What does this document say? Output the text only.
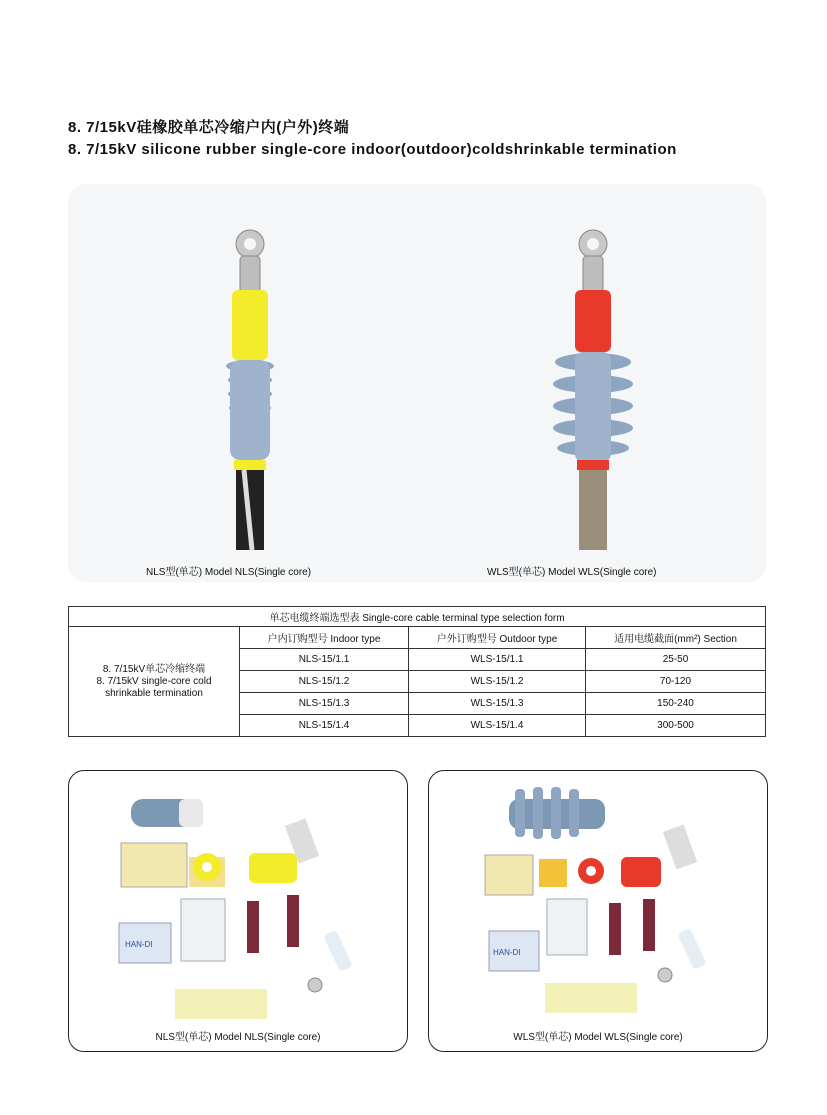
8. 7/15kV硅橡胶单芯冷缩户内(户外)终端
8. 7/15kV silicone rubber single-core indoor(outdoor)coldshrinkable termination
NLS型(单芯) Model NLS(Single core)	WLS型(单芯) Model WLS(Single core)
单芯电缆终端选型表 Single-core cable terminal type selection form			

8. 7/15kV单芯冷缩终端
8. 7/15kV single-core cold
shrinkable termination	户内订购型号 Indoor type	户外订购型号 Outdoor type	适用电缆截面(mm²) Section
	NLS-15/1.1	WLS-15/1.1	25-50
	NLS-15/1.2	WLS-15/1.2	70-120
	NLS-15/1.3	WLS-15/1.3	150-240
	NLS-15/1.4	WLS-15/1.4	300-500
HAN-DI
NLS型(单芯) Model NLS(Single core)
HAN-DI
WLS型(单芯) Model WLS(Single core)
